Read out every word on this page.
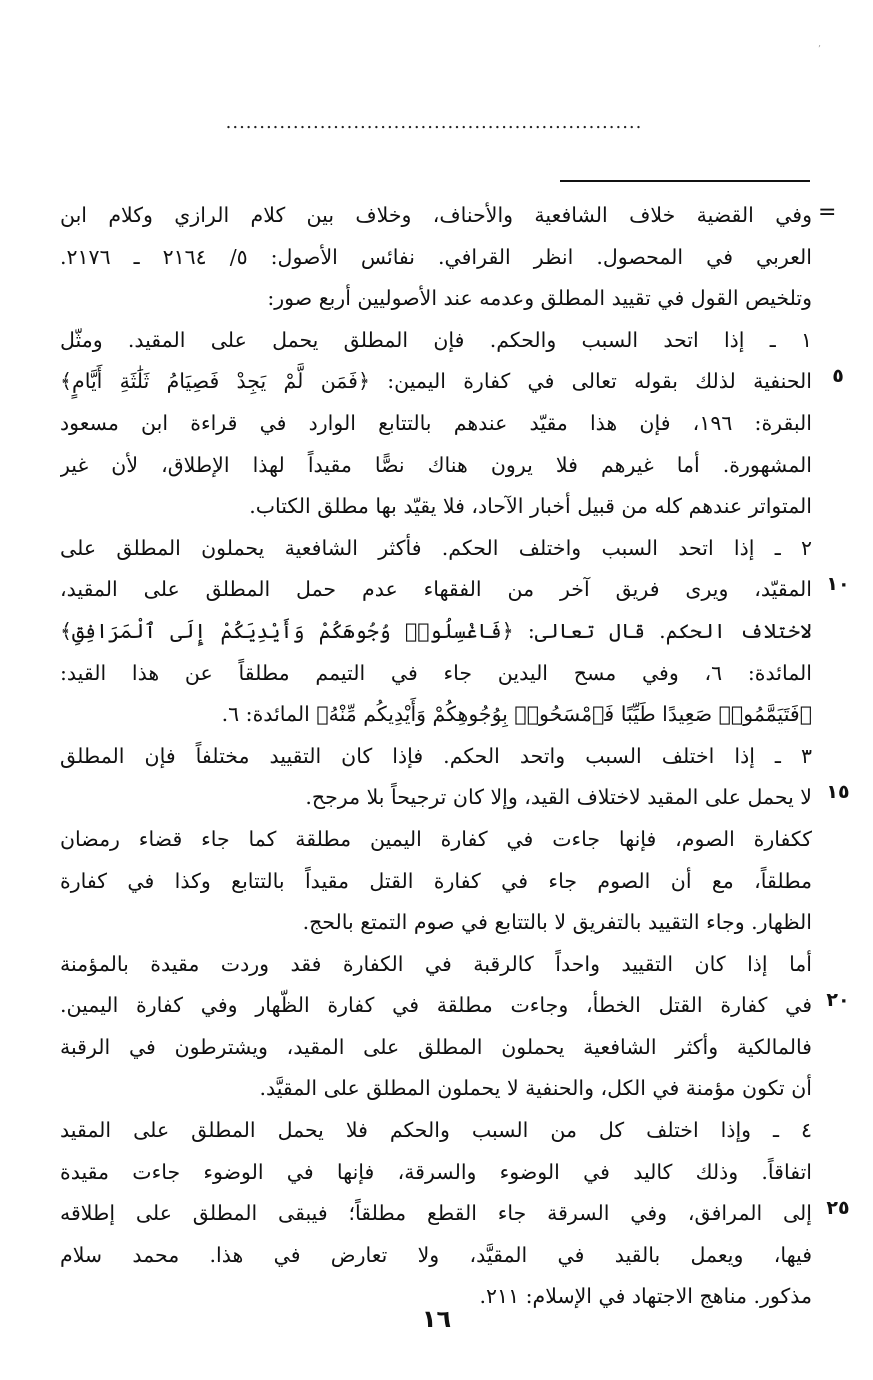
’
..............................................................
=
وفي القضية خلاف الشافعية والأحناف، وخلاف بين كلام الرازي وكلام ابن
العربي في المحصول. انظر القرافي. نفائس الأصول: ٥/ ٢١٦٤ ـ ٢١٧٦.
وتلخيص القول في تقييد المطلق وعدمه عند الأصوليين أربع صور:
١ ـ إذا اتحد السبب والحكم. فإن المطلق يحمل على المقيد. ومثّل
الحنفية لذلك بقوله تعالى في كفارة اليمين: ﴿فَمَن لَّمْ يَجِدْ فَصِيَامُ ثَلَٰثَةِ أَيَّامٍ﴾
البقرة: ١٩٦، فإن هذا مقيّد عندهم بالتتابع الوارد في قراءة ابن مسعود
المشهورة. أما غيرهم فلا يرون هناك نصًّا مقيداً لهذا الإطلاق، لأن غير
المتواتر عندهم كله من قبيل أخبار الآحاد، فلا يقيّد بها مطلق الكتاب.
٢ ـ إذا اتحد السبب واختلف الحكم. فأكثر الشافعية يحملون المطلق على
المقيّد، ويرى فريق آخر من الفقهاء عدم حمل المطلق على المقيد،
لاختلاف الحكم. قال تعالى: ﴿فَاغْسِلُوا۟ وُجُوهَكُمْ وَأَيْدِيَكُمْ إِلَى ٱلْمَرَافِقِ﴾
المائدة: ٦، وفي مسح اليدين جاء في التيمم مطلقاً عن هذا القيد:
﴿فَتَيَمَّمُوا۟ صَعِيدًا طَيِّبًا فَٱمْسَحُوا۟ بِوُجُوهِكُمْ وَأَيْدِيكُم مِّنْهُ﴾ المائدة: ٦.
٣ ـ إذا اختلف السبب واتحد الحكم. فإذا كان التقييد مختلفاً فإن المطلق
لا يحمل على المقيد لاختلاف القيد، وإلا كان ترجيحاً بلا مرجح.
ككفارة الصوم، فإنها جاءت في كفارة اليمين مطلقة كما جاء قضاء رمضان
مطلقاً، مع أن الصوم جاء في كفارة القتل مقيداً بالتتابع وكذا في كفارة
الظهار. وجاء التقييد بالتفريق لا بالتتابع في صوم التمتع بالحج.
أما إذا كان التقييد واحداً كالرقبة في الكفارة فقد وردت مقيدة بالمؤمنة
في كفارة القتل الخطأ، وجاءت مطلقة في كفارة الظّهار وفي كفارة اليمين.
فالمالكية وأكثر الشافعية يحملون المطلق على المقيد، ويشترطون في الرقبة
أن تكون مؤمنة في الكل، والحنفية لا يحملون المطلق على المقيَّد.
٤ ـ وإذا اختلف كل من السبب والحكم فلا يحمل المطلق على المقيد
اتفاقاً. وذلك كاليد في الوضوء والسرقة، فإنها في الوضوء جاءت مقيدة
إلى المرافق، وفي السرقة جاء القطع مطلقاً؛ فيبقى المطلق على إطلاقه
فيها، ويعمل بالقيد في المقيَّد، ولا تعارض في هذا. محمد سلام
مذكور. مناهج الاجتهاد في الإسلام: ٢١١.
٥
١٠
١٥
٢٠
٢٥
١٦
